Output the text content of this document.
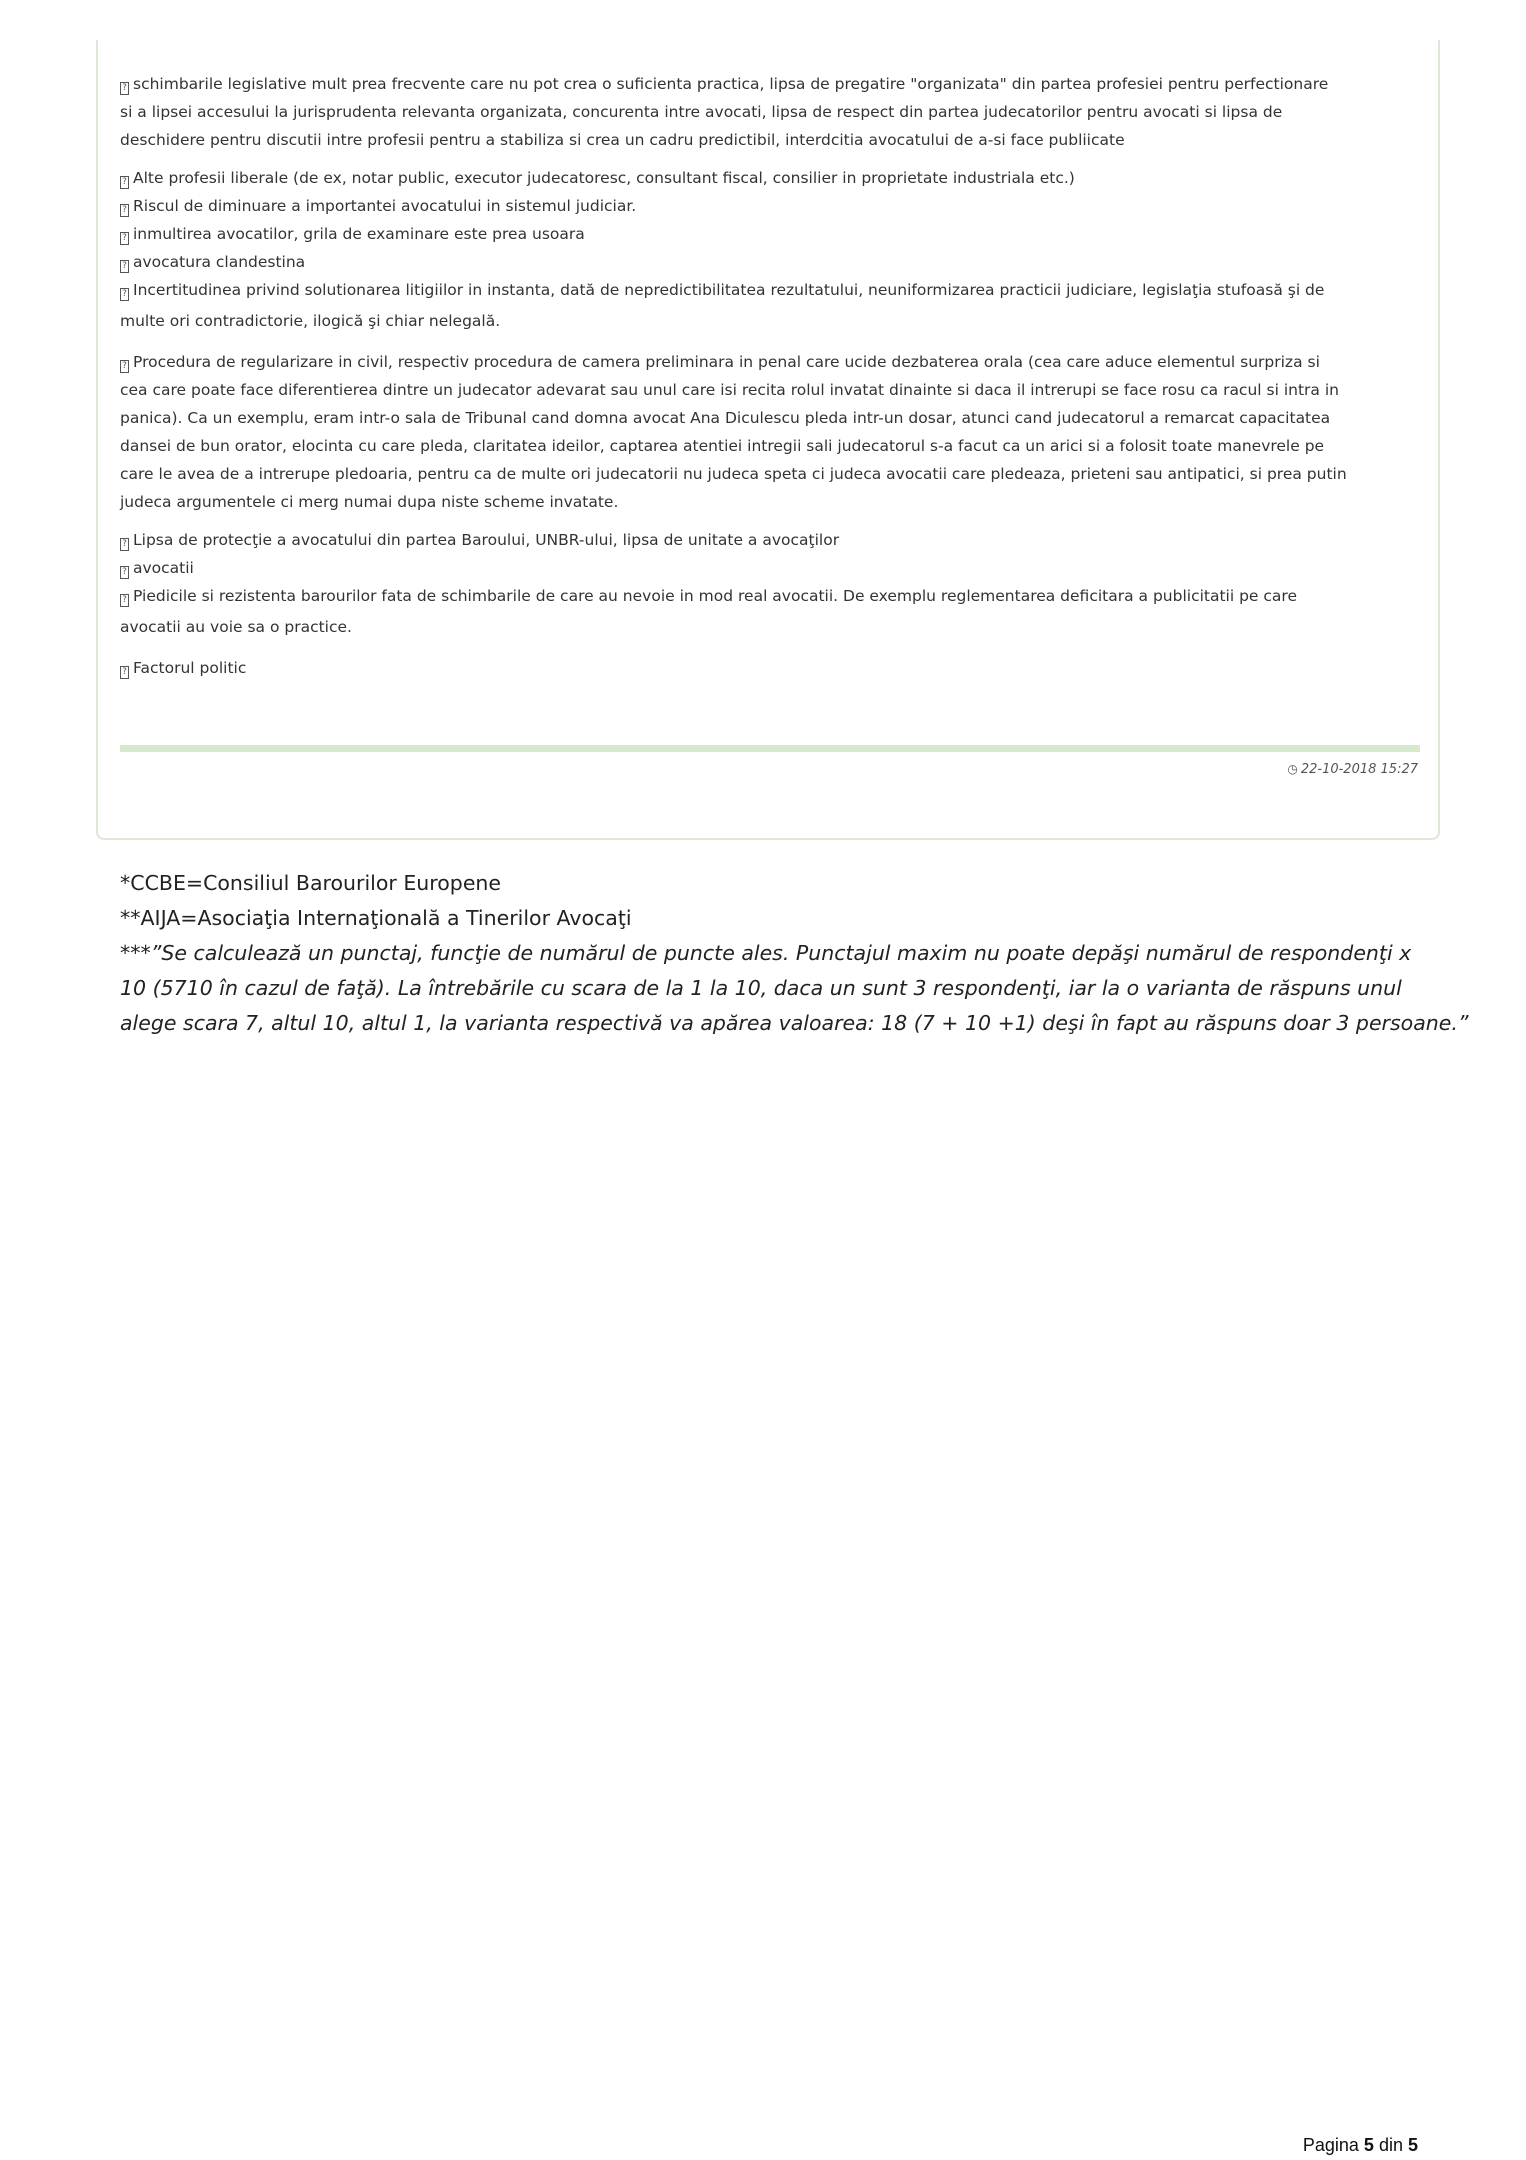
? schimbarile legislative mult prea frecvente care nu pot crea o suficienta practica, lipsa de pregatire "organizata" din partea profesiei pentru perfectionare
si a lipsei accesului la jurisprudenta relevanta organizata, concurenta intre avocati, lipsa de respect din partea judecatorilor pentru avocati si lipsa de
deschidere pentru discutii intre profesii pentru a stabiliza si crea un cadru predictibil, interdcitia avocatului de a-si face publiicate
? Alte profesii liberale (de ex, notar public, executor judecatoresc, consultant fiscal, consilier in proprietate industriala etc.)
? Riscul de diminuare a importantei avocatului in sistemul judiciar.
? inmultirea avocatilor, grila de examinare este prea usoara
? avocatura clandestina
? Incertitudinea privind solutionarea litigiilor in instanta, dată de nepredictibilitatea rezultatului, neuniformizarea practicii judiciare, legislaţia stufoasă şi de
multe ori contradictorie, ilogică şi chiar nelegală.
? Procedura de regularizare in civil, respectiv procedura de camera preliminara in penal care ucide dezbaterea orala (cea care aduce elementul surpriza si
cea care poate face diferentierea dintre un judecator adevarat sau unul care isi recita rolul invatat dinainte si daca il intrerupi se face rosu ca racul si intra in
panica). Ca un exemplu, eram intr-o sala de Tribunal cand domna avocat Ana Diculescu pleda intr-un dosar, atunci cand judecatorul a remarcat capacitatea
dansei de bun orator, elocinta cu care pleda, claritatea ideilor, captarea atentiei intregii sali judecatorul s-a facut ca un arici si a folosit toate manevrele pe
care le avea de a intrerupe pledoaria, pentru ca de multe ori judecatorii nu judeca speta ci judeca avocatii care pledeaza, prieteni sau antipatici, si prea putin
judeca argumentele ci merg numai dupa niste scheme invatate.
? Lipsa de protecţie a avocatului din partea Baroului, UNBR-ului, lipsa de unitate a avocaţilor
? avocatii
? Piedicile si rezistenta barourilor fata de schimbarile de care au nevoie in mod real avocatii. De exemplu reglementarea deficitara a publicitatii pe care
avocatii au voie sa o practice.
? Factorul politic
◷ 22-10-2018 15:27
*CCBE=Consiliul Barourilor Europene
**AIJA=Asociaţia Internaţională a Tinerilor Avocaţi
***”Se calculează un punctaj, funcţie de numărul de puncte ales. Punctajul maxim nu poate depăşi numărul de respondenţi x
10 (5710 în cazul de faţă). La întrebările cu scara de la 1 la 10, daca un sunt 3 respondenţi, iar la o varianta de răspuns unul
alege scara 7, altul 10, altul 1, la varianta respectivă va apărea valoarea: 18 (7 + 10 +1) deşi în fapt au răspuns doar 3 persoane.”
Pagina 5 din 5
